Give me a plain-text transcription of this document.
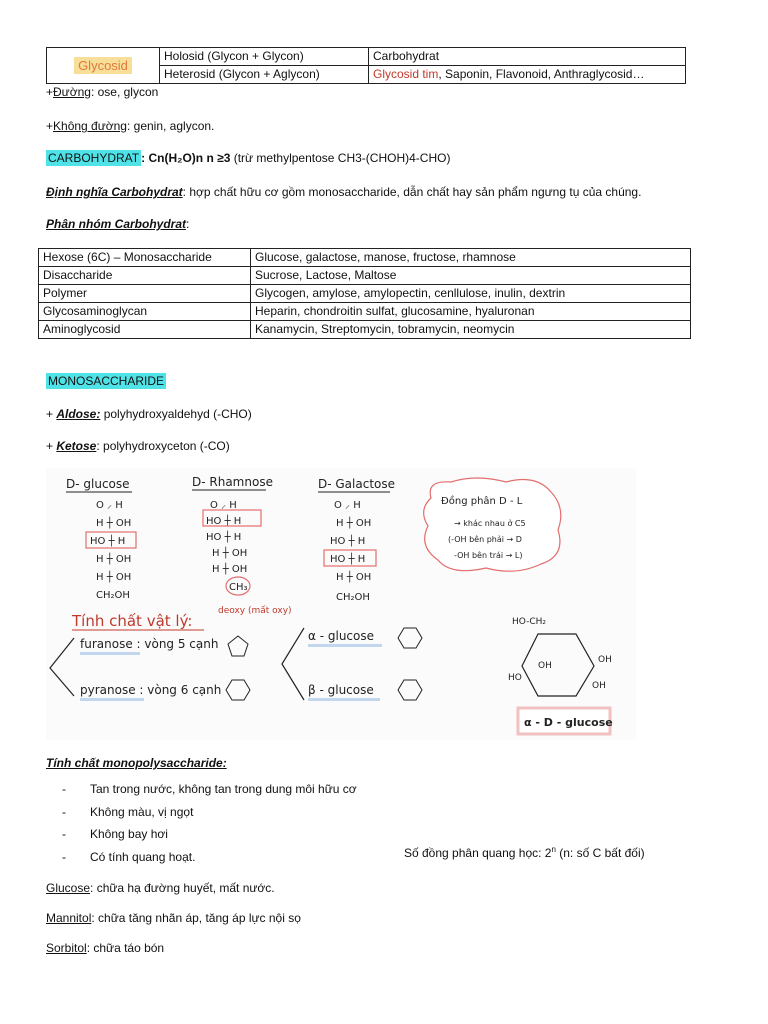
Glycosid	Holosid (Glycon + Glycon)	Carbohydrat
	Heterosid (Glycon + Aglycon)	Glycosid tim, Saponin, Flavonoid, Anthraglycosid…
+Đường: ose, glycon
+Không đường: genin, aglycon.
CARBOHYDRAT : Cn(H₂O)n n ≥3 (trừ methylpentose CH3-(CHOH)4-CHO)
Định nghĩa Carbohydrat: hợp chất hữu cơ gồm monosaccharide, dẫn chất hay sản phẩm ngưng tụ của chúng.
Phân nhóm Carbohydrat:
Hexose (6C) – Monosaccharide	Glucose, galactose, manose, fructose, rhamnose
Disaccharide	Sucrose, Lactose, Maltose
Polymer	Glycogen, amylose, amylopectin, cenllulose, inulin, dextrin
Glycosaminoglycan	Heparin, chondroitin sulfat, glucosamine, hyaluronan
Aminoglycosid	Kanamycin, Streptomycin, tobramycin, neomycin
MONOSACCHARIDE
+ Aldose: polyhydroxyaldehyd (-CHO)
+ Ketose: polyhydroxyceton (-CO)
D- glucose
O ⸝ H
H ┼ OH
HO ┼ H
H ┼ OH
H ┼ OH
CH₂OH
D- Rhamnose
O ⸝ H
HO ┼ H
HO ┼ H
H ┼ OH
H ┼ OH
CH₃
deoxy (mất oxy)
D- Galactose
O ⸝ H
H ┼ OH
HO ┼ H
HO ┼ H
H ┼ OH
CH₂OH
Đồng phân D - L
→ khác nhau ở C5
(-OH bên phải → D
-OH bên trái → L)
Tính chất vật lý:
furanose : vòng 5 cạnh
pyranose : vòng 6 cạnh
α - glucose
β - glucose
HO-CH₂
OH
HO
OH
OH
α - D - glucose
Tính chất monopolysaccharide:
- Tan trong nước, không tan trong dung môi hữu cơ
- Không màu, vị ngọt
- Không bay hơi
- Có tính quang hoạt.	Số đồng phân quang học: 2$^n$ (n: số C bất đối)
Glucose: chữa hạ đường huyết, mất nước.
Mannitol: chữa tăng nhãn áp, tăng áp lực nội sọ
Sorbitol: chữa táo bón
